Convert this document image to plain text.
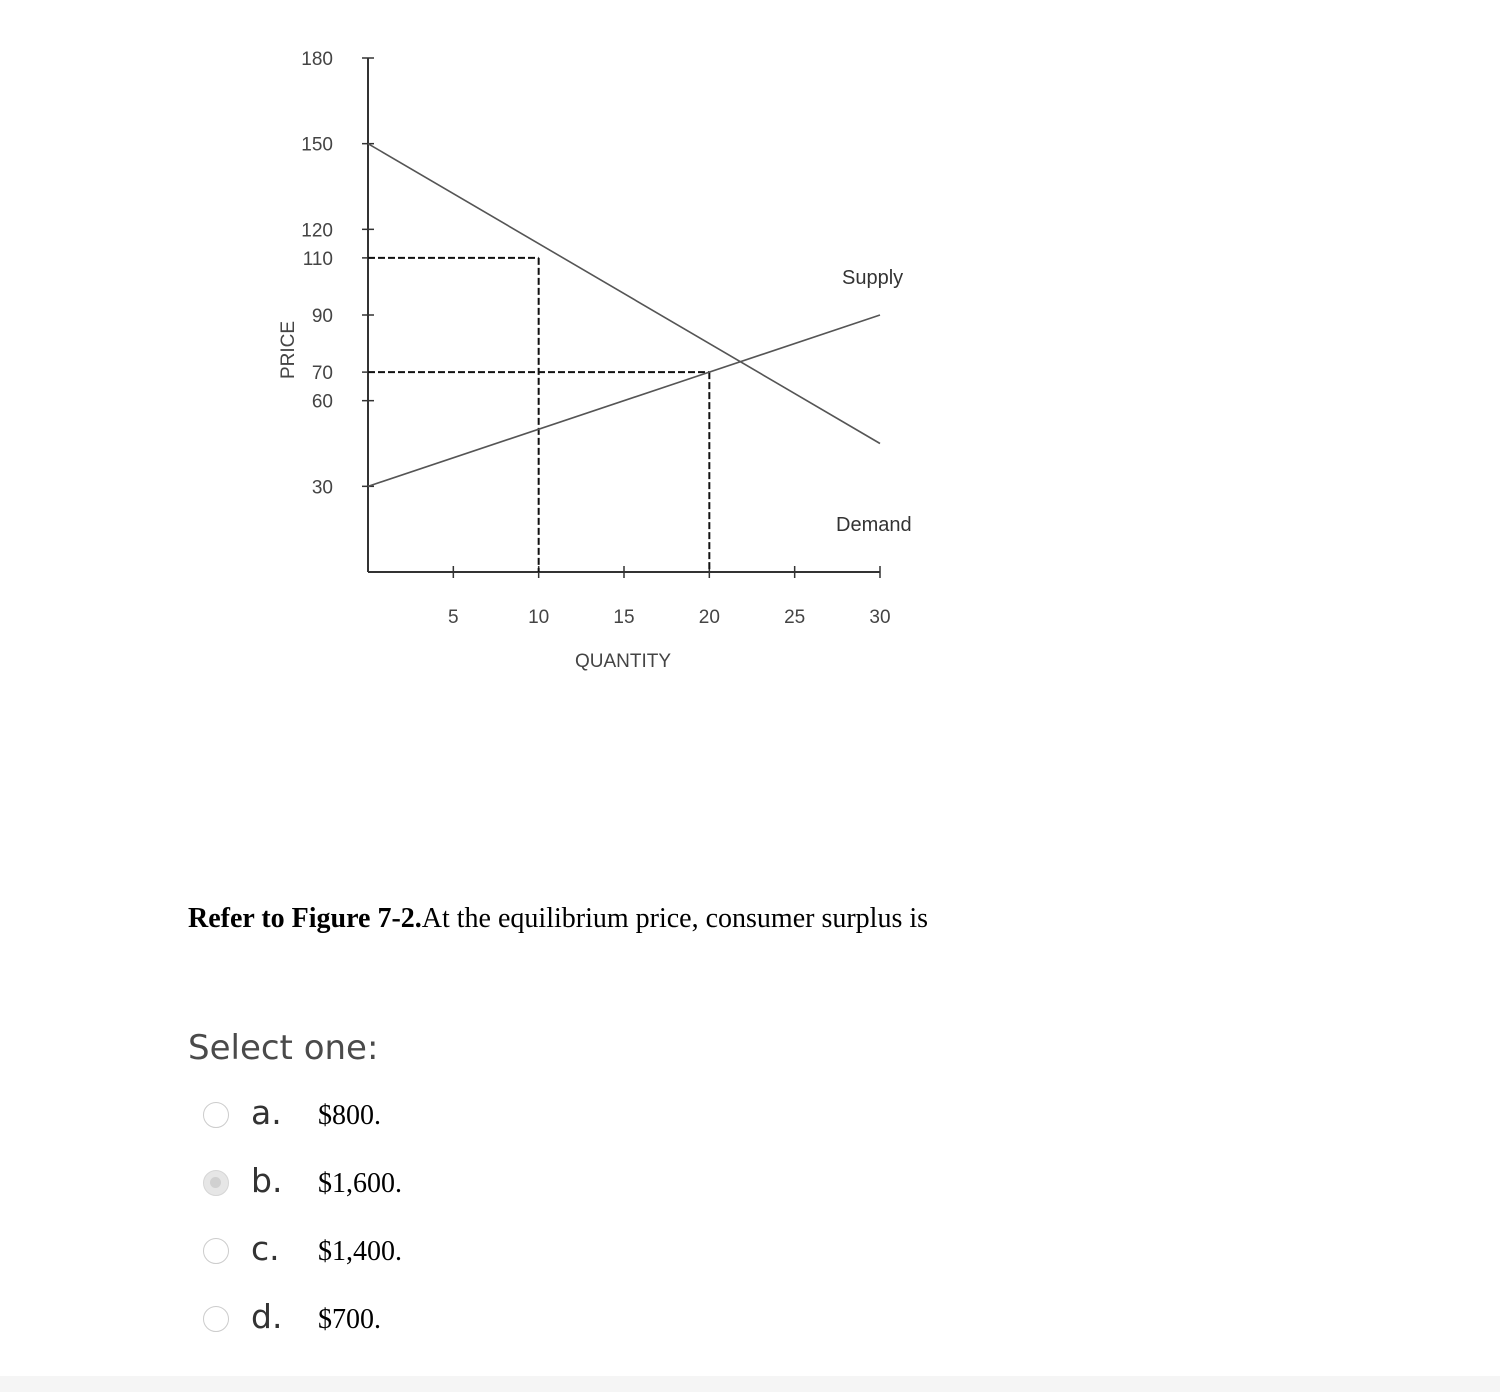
30
60
70
90
110
120
150
180
5	10	15	20	25	30
QUANTITY
PRICE
Supply
Demand
Refer to Figure 7-2.At the equilibrium price, consumer surplus is
Select one:
a. $800.
b. $1,600.
c. $1,400.
d. $700.
